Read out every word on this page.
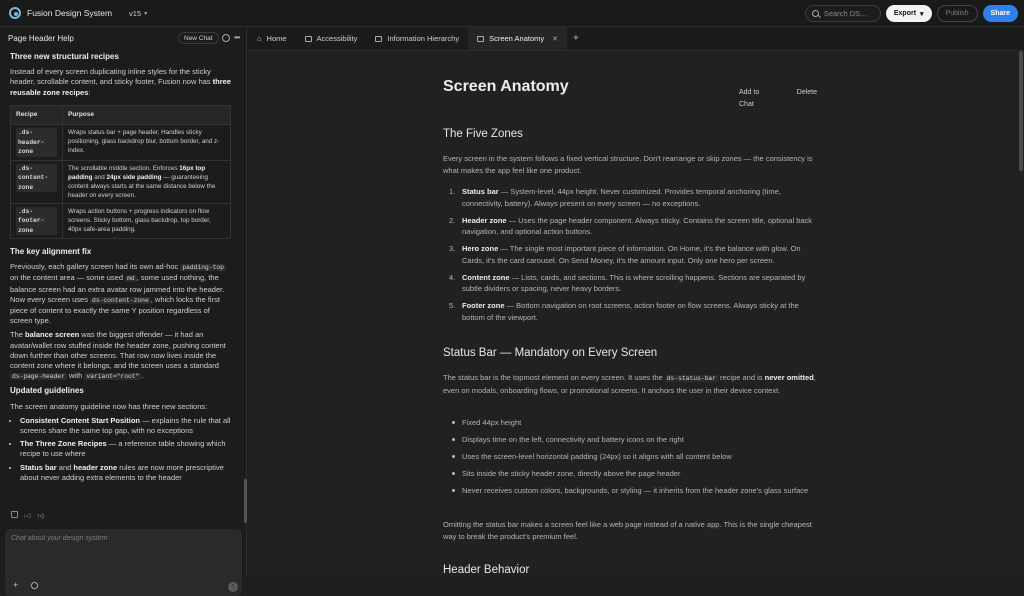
Fusion Design System v15 ▾	Search DS...	Export ▾	Publish	Share
Page Header Help	New Chat	•••
Three new structural recipes

Instead of every screen duplicating inline styles for the sticky header, scrollable content, and sticky footer, Fusion now has three reusable zone recipes:

Recipe	Purpose
.ds-header-zone	Wraps status bar + page header. Handles sticky positioning, glass backdrop blur, bottom border, and z-index.
.ds-content-zone	The scrollable middle section. Enforces 16px top padding and 24px side padding — guaranteeing content always starts at the same distance below the header on every screen.
.ds-footer-zone	Wraps action buttons + progress indicators on flow screens. Sticky bottom, glass backdrop, top border, 40px safe-area padding.
The key alignment fix

Previously, each gallery screen had its own ad-hoc padding-top on the content area — some used md , some used nothing, the balance screen had an extra avatar row jammed into the header. Now every screen uses ds-content-zone , which locks the first piece of content to exactly the same Y position regardless of screen type.

The balance screen was the biggest offender — it had an avatar/wallet row stuffed inside the header zone, pushing content down further than other screens. That row now lives inside the content zone where it belongs, and the screen uses a standard ds-page-header with variant="root" .

Updated guidelines

The screen anatomy guideline now has three new sections:

• Consistent Content Start Position — explains the rule that all screens share the same top gap, with no exceptions
• The Three Zone Recipes — a reference table showing which recipe to use where
• Status bar and header zone rules are now more prescriptive about never adding extra elements to the header
👍︎ 👎︎
Chat about your design system
+	↑
⌂ Home	Accessibility	Information Hierarchy	Screen Anatomy ✕ +
Screen Anatomy	Add to Chat
Delete
The Five Zones
Every screen in the system follows a fixed vertical structure. Don't rearrange or skip zones — the consistency is what makes the app feel like one product.
1. Status bar — System-level, 44px height. Never customized. Provides temporal anchoring (time, connectivity, battery). Always present on every screen — no exceptions.
2. Header zone — Uses the page header component. Always sticky. Contains the screen title, optional back navigation, and optional action buttons.
3. Hero zone — The single most important piece of information. On Home, it's the balance with glow. On Cards, it's the card carousel. On Send Money, it's the amount input. Only one hero per screen.
4. Content zone — Lists, cards, and sections. This is where scrolling happens. Sections are separated by subtle dividers or spacing, never heavy borders.
5. Footer zone — Bottom navigation on root screens, action footer on flow screens. Always sticky at the bottom of the viewport.
Status Bar — Mandatory on Every Screen
The status bar is the topmost element on every screen. It uses the ds-status-bar recipe and is never omitted, even on modals, onboarding flows, or promotional screens. It anchors the user in their device context.
Fixed 44px height
Displays time on the left, connectivity and battery icons on the right
Uses the screen-level horizontal padding (24px) so it aligns with all content below
Sits inside the sticky header zone, directly above the page header
Never receives custom colors, backgrounds, or styling — it inherits from the header zone's glass surface
Omitting the status bar makes a screen feel like a web page instead of a native app. This is the single cheapest way to break the product's premium feel.
Header Behavior
